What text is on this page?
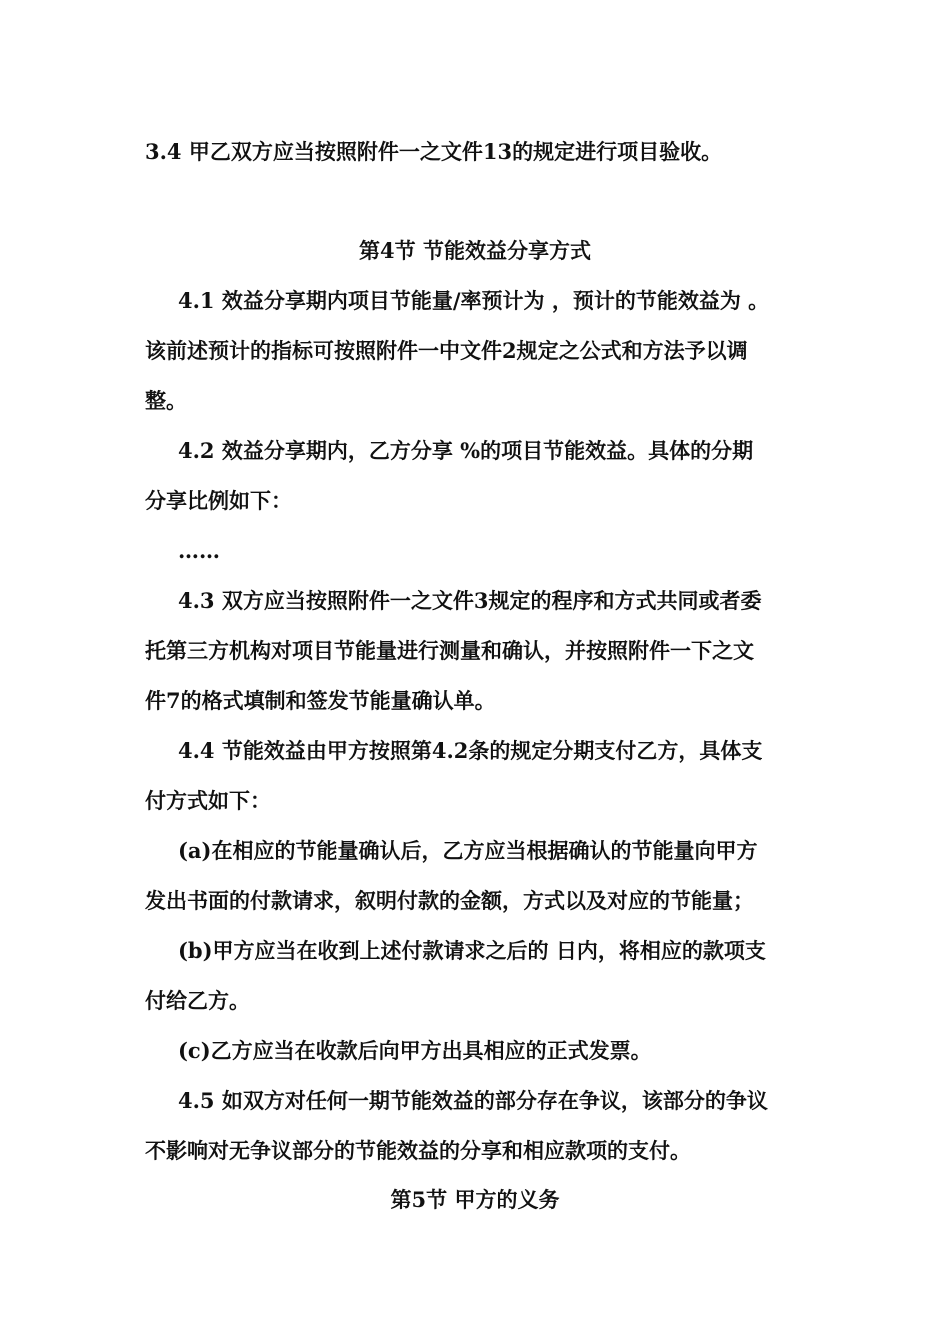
3.4 甲乙双方应当按照附件一之文件13的规定进行项目验收。

第4节 节能效益分享方式

4.1 效益分享期内项目节能量/率预计为 ，预计的节能效益为 。

该前述预计的指标可按照附件一中文件2规定之公式和方法予以调

整。

4.2 效益分享期内，乙方分享 %的项目节能效益。具体的分期

分享比例如下：

……

4.3 双方应当按照附件一之文件3规定的程序和方式共同或者委

托第三方机构对项目节能量进行测量和确认，并按照附件一下之文

件7的格式填制和签发节能量确认单。

4.4 节能效益由甲方按照第4.2条的规定分期支付乙方，具体支

付方式如下：

(a)在相应的节能量确认后，乙方应当根据确认的节能量向甲方

发出书面的付款请求，叙明付款的金额，方式以及对应的节能量；

(b)甲方应当在收到上述付款请求之后的 日内，将相应的款项支

付给乙方。

(c)乙方应当在收款后向甲方出具相应的正式发票。

4.5 如双方对任何一期节能效益的部分存在争议，该部分的争议

不影响对无争议部分的节能效益的分享和相应款项的支付。

第5节 甲方的义务
